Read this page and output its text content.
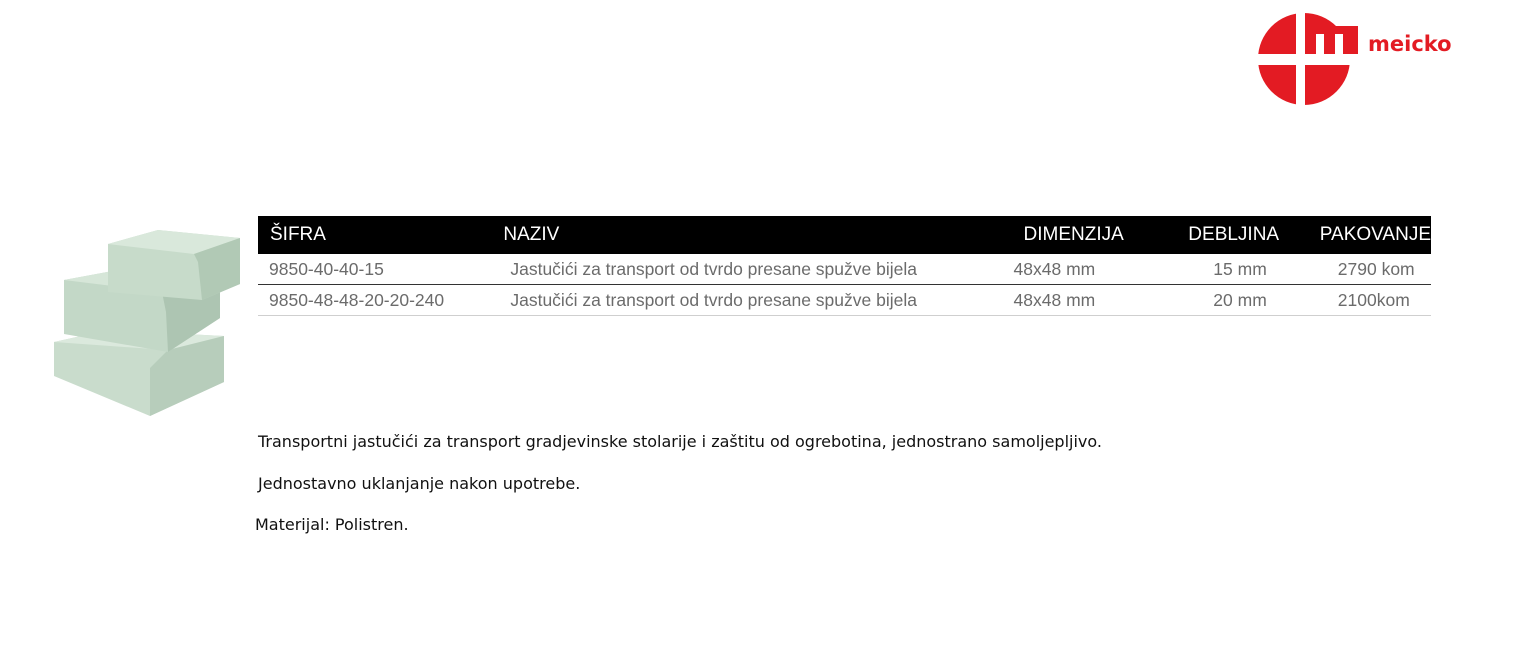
meicko
ŠIFRA	NAZIV	DIMENZIJA	DEBLJINA	PAKOVANJE
9850-40-40-15	Jastučići za transport od tvrdo presane spužve bijela	48x48 mm	15 mm	2790 kom
9850-48-48-20-20-240	Jastučići za transport od tvrdo presane spužve bijela	48x48 mm	20 mm	2100kom
Transportni jastučići za transport gradjevinske stolarije i zaštitu od ogrebotina, jednostrano samoljepljivo.
Jednostavno uklanjanje nakon upotrebe.
Materijal: Polistren.
